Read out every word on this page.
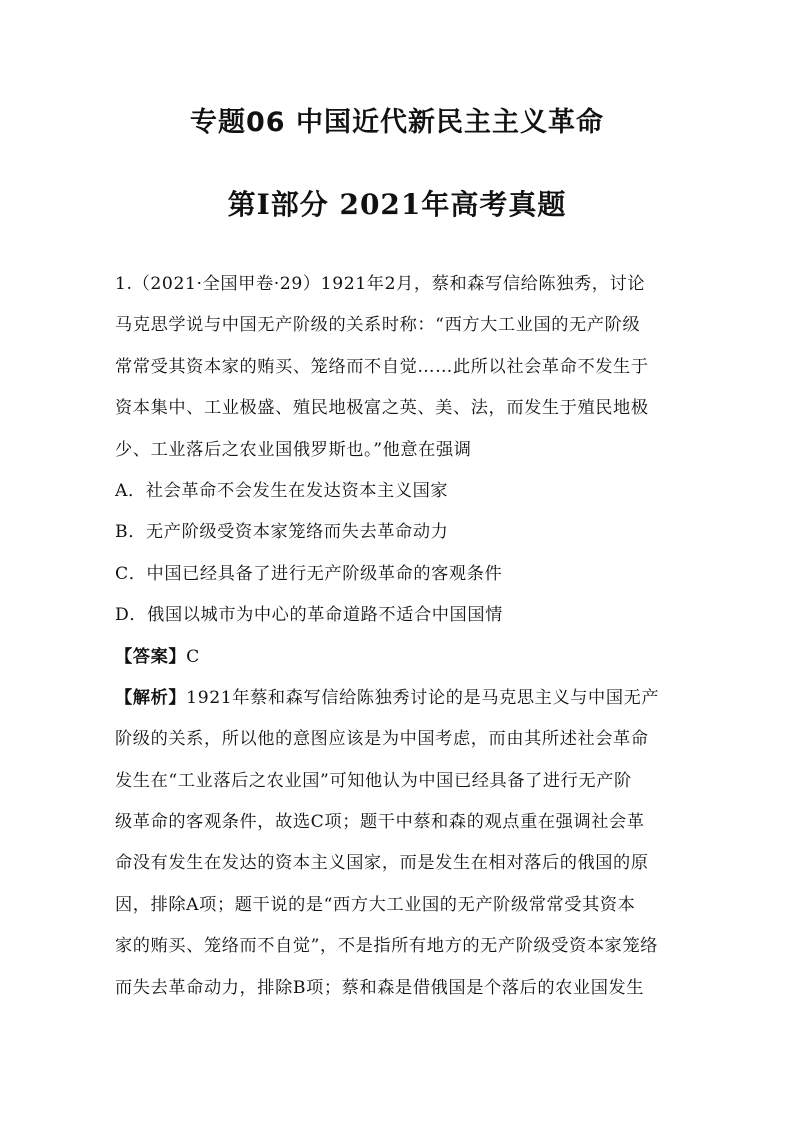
专题06 中国近代新民主主义革命
第Ⅰ部分 2021年高考真题
1.（2021·全国甲卷·29）1921年2月，蔡和森写信给陈独秀，讨论
马克思学说与中国无产阶级的关系时称：“西方大工业国的无产阶级
常常受其资本家的贿买、笼络而不自觉……此所以社会革命不发生于
资本集中、工业极盛、殖民地极富之英、美、法，而发生于殖民地极
少、工业落后之农业国俄罗斯也。”他意在强调
A．社会革命不会发生在发达资本主义国家
B．无产阶级受资本家笼络而失去革命动力
C．中国已经具备了进行无产阶级革命的客观条件
D．俄国以城市为中心的革命道路不适合中国国情
【答案】C
【解析】1921年蔡和森写信给陈独秀讨论的是马克思主义与中国无产
阶级的关系，所以他的意图应该是为中国考虑，而由其所述社会革命
发生在“工业落后之农业国”可知他认为中国已经具备了进行无产阶
级革命的客观条件，故选C项；题干中蔡和森的观点重在强调社会革
命没有发生在发达的资本主义国家，而是发生在相对落后的俄国的原
因，排除A项；题干说的是“西方大工业国的无产阶级常常受其资本
家的贿买、笼络而不自觉”，不是指所有地方的无产阶级受资本家笼络
而失去革命动力，排除B项；蔡和森是借俄国是个落后的农业国发生
